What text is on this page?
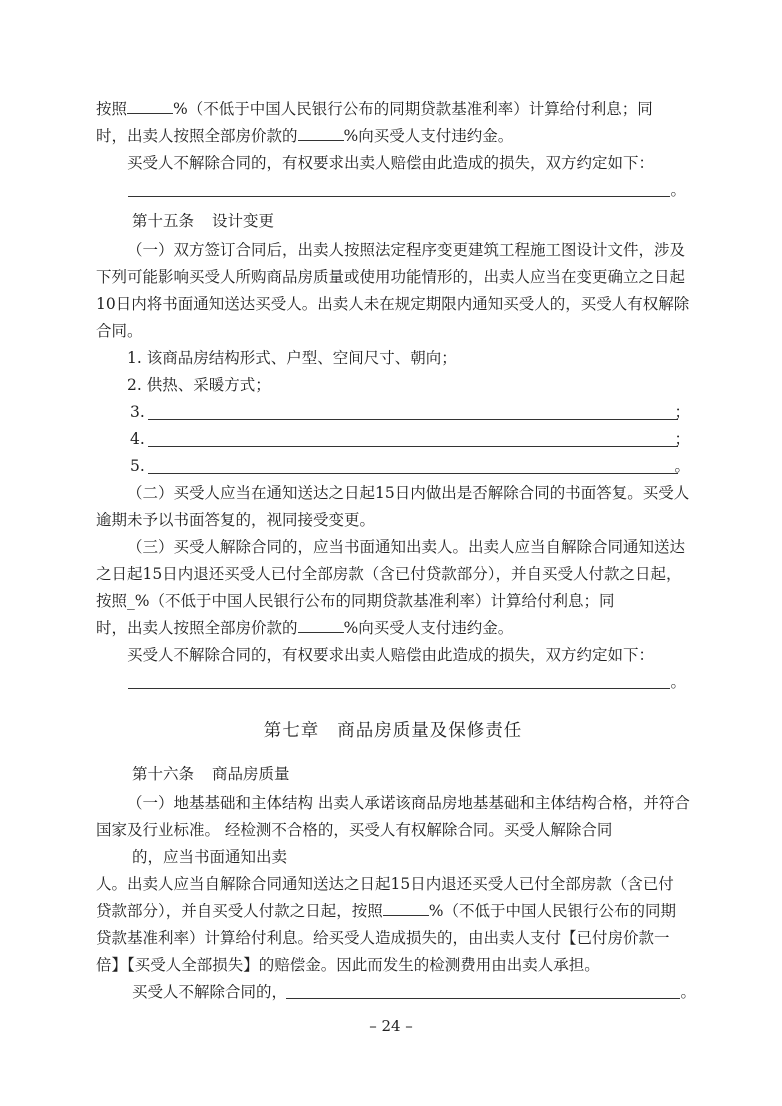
按照	%（不低于中国人民银行公布的同期贷款基准利率）计算给付利息；同
时，出卖人按照全部房价款的	%向买受人支付违约金。

买受人不解除合同的，有权要求出卖人赔偿由此造成的损失，双方约定如下：

。

第十五条 设计变更

（一）双方签订合同后，出卖人按照法定程序变更建筑工程施工图设计文件，涉及下列可能影响买受人所购商品房质量或使用功能情形的，出卖人应当在变更确立之日起10日内将书面通知送达买受人。出卖人未在规定期限内通知买受人的，买受人有权解除合同。

1. 该商品房结构形式、户型、空间尺寸、朝向；

2. 供热、采暖方式；

3.	；
4.	；
5.	。

（二）买受人应当在通知送达之日起15日内做出是否解除合同的书面答复。买受人逾期未予以书面答复的，视同接受变更。

（三）买受人解除合同的，应当书面通知出卖人。出卖人应当自解除合同通知送达之日起15日内退还买受人已付全部房款（含已付贷款部分），并自买受人付款之日起，按照_%（不低于中国人民银行公布的同期贷款基准利率）计算给付利息；同
时，出卖人按照全部房价款的	%向买受人支付违约金。

买受人不解除合同的，有权要求出卖人赔偿由此造成的损失，双方约定如下：

。

第七章 商品房质量及保修责任

第十六条 商品房质量

（一）地基基础和主体结构 出卖人承诺该商品房地基基础和主体结构合格，并符合国家及行业标准。 经检测不合格的，买受人有权解除合同。买受人解除合同

的，应当书面通知出卖

人。出卖人应当自解除合同通知送达之日起15日内退还买受人已付全部房款（含已付 贷款部分），并自买受人付款之日起，按照	%（不低于中国人民银行公布的同期 贷款基准利率）计算给付利息。给买受人造成损失的，由出卖人支付【已付房价款一 倍】【买受人全部损失】的赔偿金。因此而发生的检测费用由出卖人承担。

买受人不解除合同的，	。
– 24 –
